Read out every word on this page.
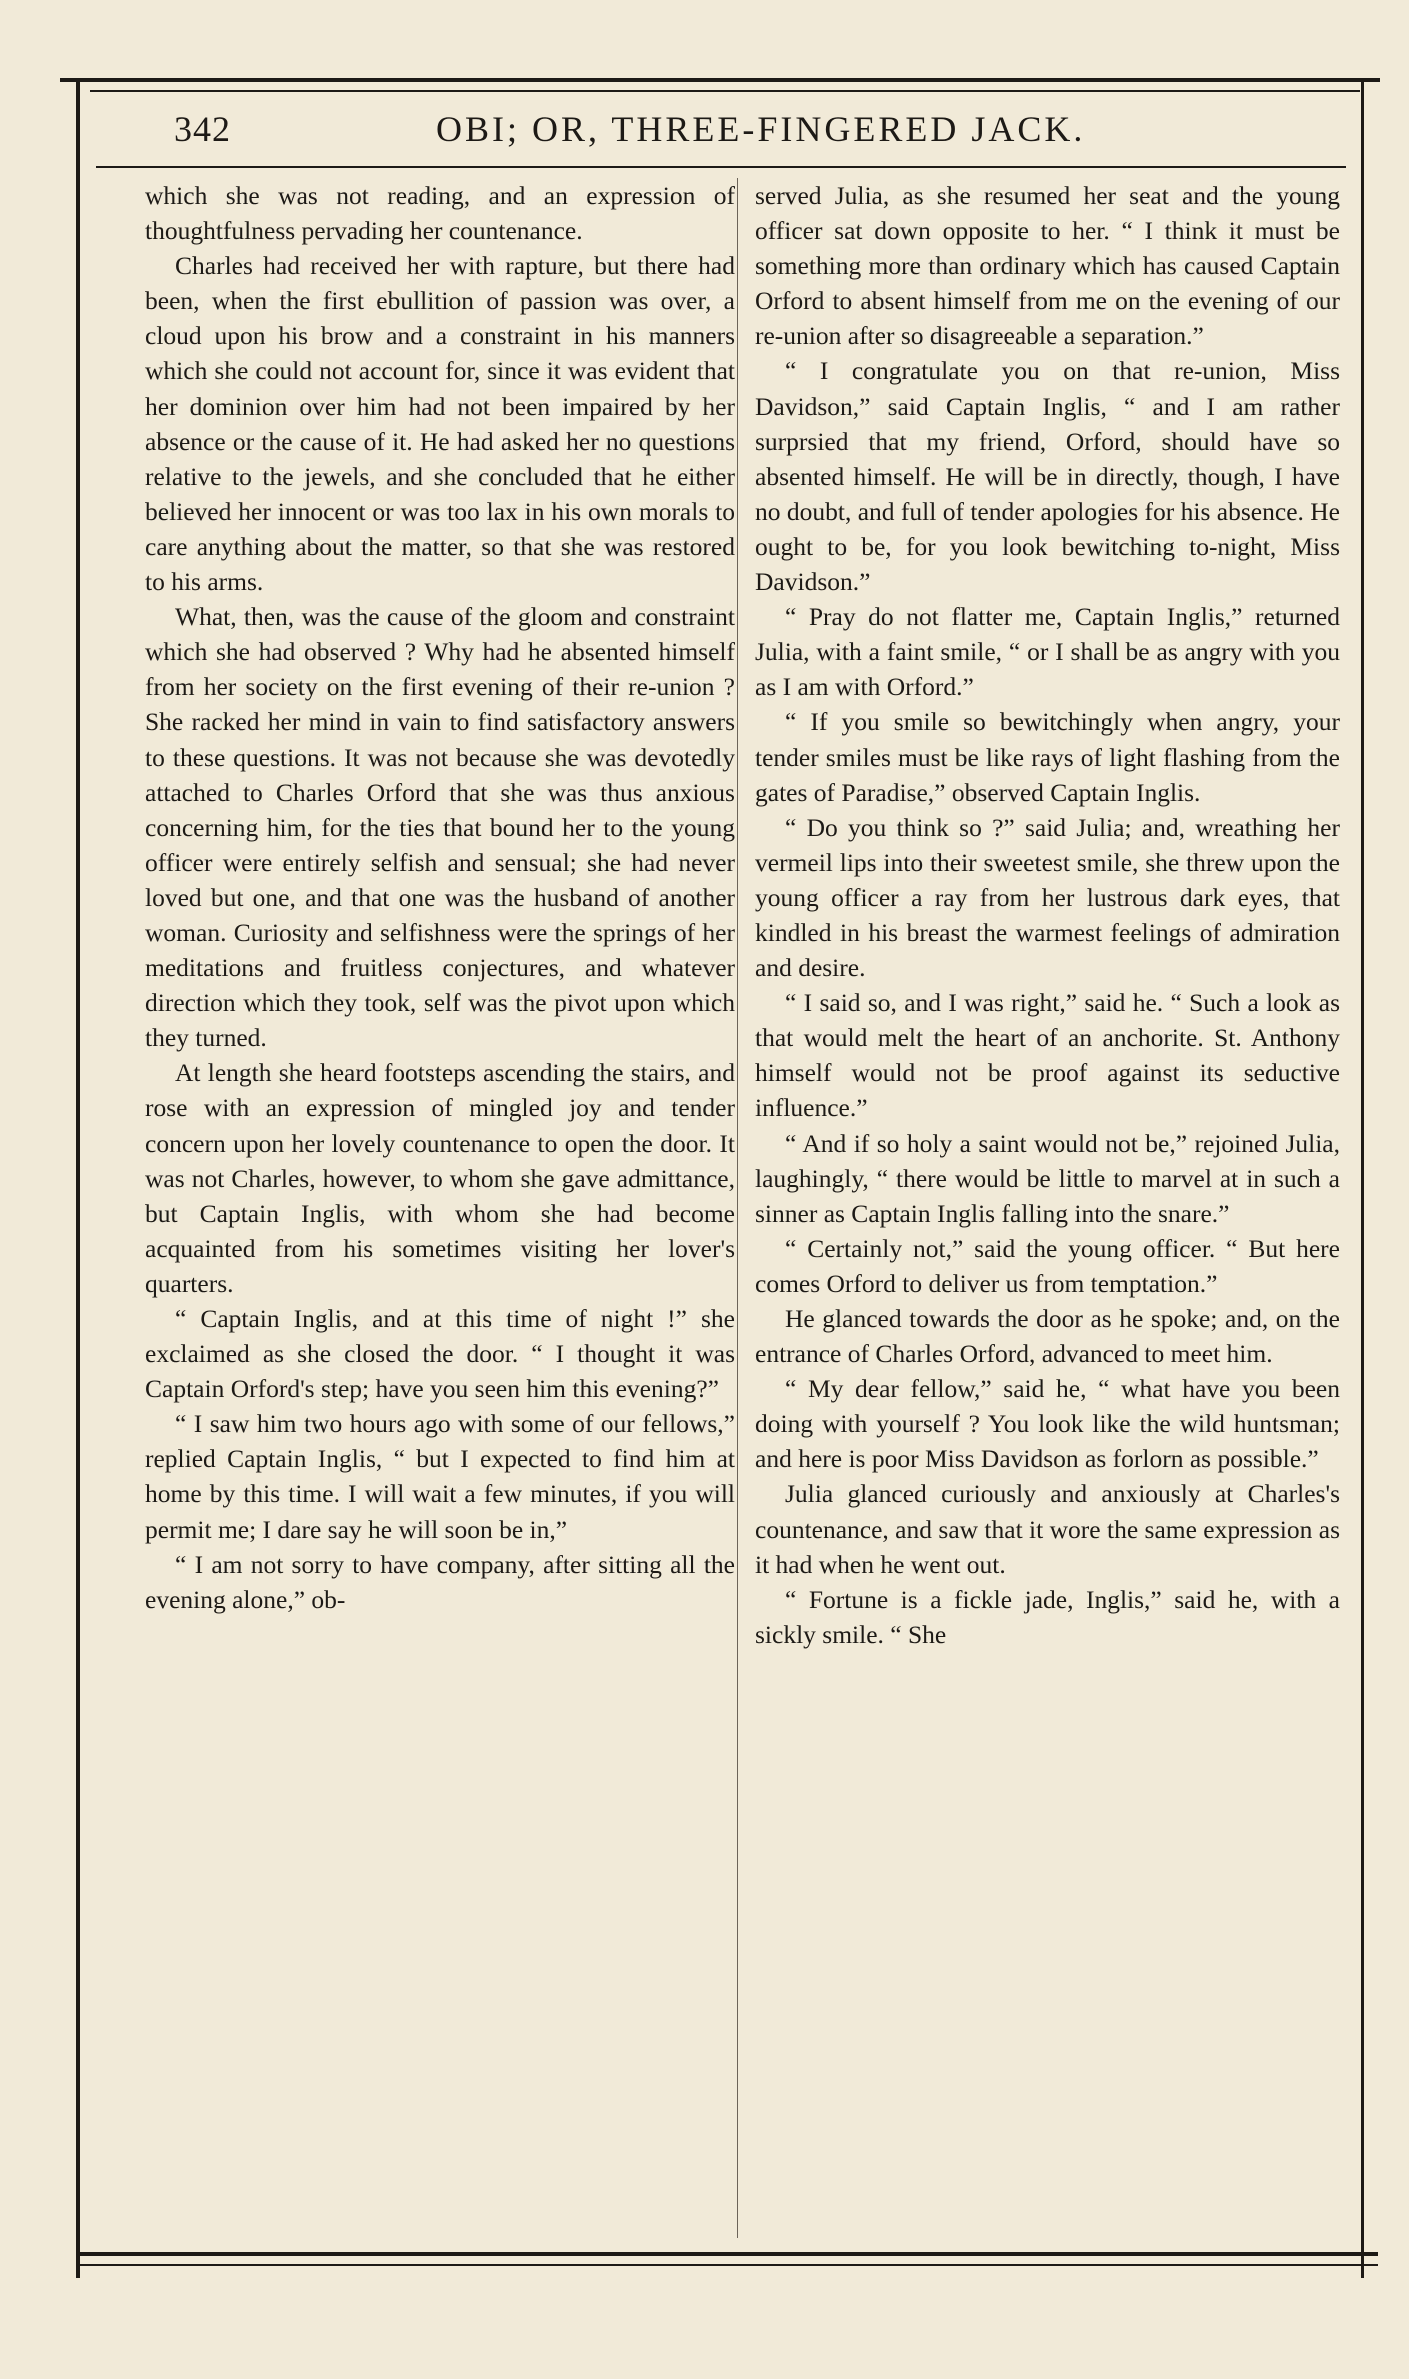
342	OBI; OR, THREE-FINGERED JACK.

which she was not reading, and an expression of thoughtfulness pervading her countenance.

Charles had received her with rapture, but there had been, when the first ebullition of passion was over, a cloud upon his brow and a constraint in his manners which she could not account for, since it was evident that her dominion over him had not been impaired by her absence or the cause of it. He had asked her no questions relative to the jewels, and she concluded that he either believed her innocent or was too lax in his own morals to care anything about the matter, so that she was restored to his arms.

What, then, was the cause of the gloom and constraint which she had observed ? Why had he absented himself from her society on the first evening of their re-union ? She racked her mind in vain to find satisfactory answers to these questions. It was not because she was devotedly attached to Charles Orford that she was thus anxious concerning him, for the ties that bound her to the young officer were entirely selfish and sensual; she had never loved but one, and that one was the husband of another woman. Curiosity and selfishness were the springs of her meditations and fruitless conjectures, and whatever direction which they took, self was the pivot upon which they turned.

At length she heard footsteps ascending the stairs, and rose with an expression of mingled joy and tender concern upon her lovely countenance to open the door. It was not Charles, however, to whom she gave admittance, but Captain Inglis, with whom she had become acquainted from his sometimes visiting her lover's quarters.

“ Captain Inglis, and at this time of night !” she exclaimed as she closed the door. “ I thought it was Captain Orford's step; have you seen him this evening?”

“ I saw him two hours ago with some of our fellows,” replied Captain Inglis, “ but I expected to find him at home by this time. I will wait a few minutes, if you will permit me; I dare say he will soon be in,”

“ I am not sorry to have company, after sitting all the evening alone,” ob-

served Julia, as she resumed her seat and the young officer sat down opposite to her. “ I think it must be something more than ordinary which has caused Captain Orford to absent himself from me on the evening of our re-union after so disagreeable a separation.”

“ I congratulate you on that re-union, Miss Davidson,” said Captain Inglis, “ and I am rather surprsied that my friend, Orford, should have so absented himself. He will be in directly, though, I have no doubt, and full of tender apologies for his absence. He ought to be, for you look bewitching to-night, Miss Davidson.”

“ Pray do not flatter me, Captain Inglis,” returned Julia, with a faint smile, “ or I shall be as angry with you as I am with Orford.”

“ If you smile so bewitchingly when angry, your tender smiles must be like rays of light flashing from the gates of Paradise,” observed Captain Inglis.

“ Do you think so ?” said Julia; and, wreathing her vermeil lips into their sweetest smile, she threw upon the young officer a ray from her lustrous dark eyes, that kindled in his breast the warmest feelings of admiration and desire.

“ I said so, and I was right,” said he. “ Such a look as that would melt the heart of an anchorite. St. Anthony himself would not be proof against its seductive influence.”

“ And if so holy a saint would not be,” rejoined Julia, laughingly, “ there would be little to marvel at in such a sinner as Captain Inglis falling into the snare.”

“ Certainly not,” said the young officer. “ But here comes Orford to deliver us from temptation.”

He glanced towards the door as he spoke; and, on the entrance of Charles Orford, advanced to meet him.

“ My dear fellow,” said he, “ what have you been doing with yourself ? You look like the wild huntsman; and here is poor Miss Davidson as forlorn as possible.”

Julia glanced curiously and anxiously at Charles's countenance, and saw that it wore the same expression as it had when he went out.

“ Fortune is a fickle jade, Inglis,” said he, with a sickly smile. “ She
